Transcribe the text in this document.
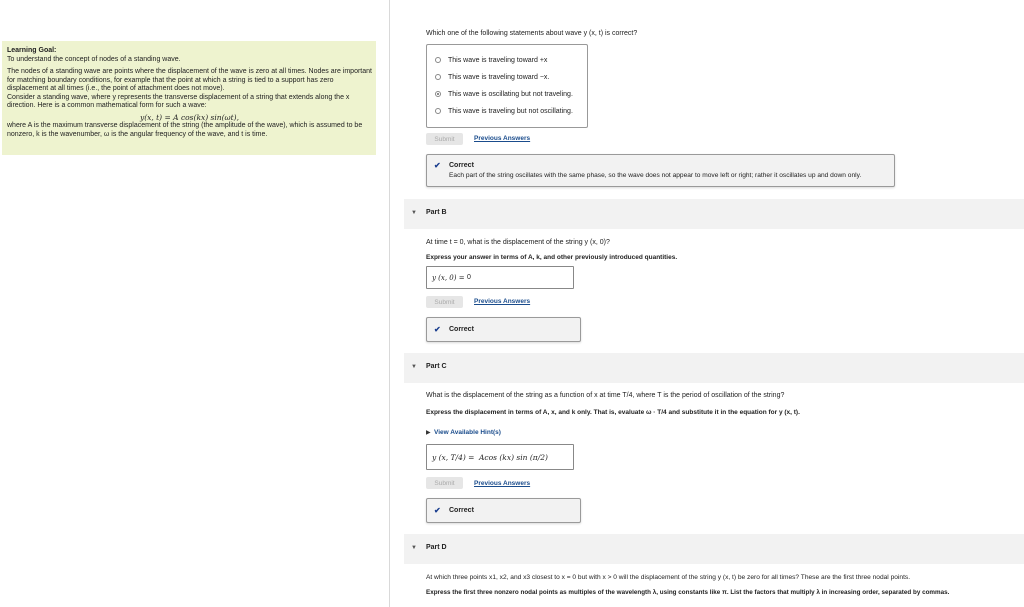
Learning Goal:

To understand the concept of nodes of a standing wave.

The nodes of a standing wave are points where the displacement of the wave is zero at all times. Nodes are important for matching boundary conditions, for example that the point at which a string is tied to a support has zero displacement at all times (i.e., the point of attachment does not move).

Consider a standing wave, where y represents the transverse displacement of a string that extends along the x direction. Here is a common mathematical form for such a wave:

y(x, t) = A cos(kx) sin(ωt),

where A is the maximum transverse displacement of the string (the amplitude of the wave), which is assumed to be nonzero, k is the wavenumber, ω is the angular frequency of the wave, and t is time.

Which one of the following statements about wave y (x, t) is correct?
This wave is traveling toward +x
This wave is traveling toward −x.
This wave is oscillating but not traveling.
This wave is traveling but not oscillating.
Submit	Previous Answers
✔ Correct
Each part of the string oscillates with the same phase, so the wave does not appear to move left or right; rather it oscillates up and down only.
▼ Part B
At time t = 0, what is the displacement of the string y (x, 0)?
Express your answer in terms of A, k, and other previously introduced quantities.
y (x, 0) = 0
Submit	Previous Answers
✔ Correct
▼ Part C
What is the displacement of the string as a function of x at time T/4, where T is the period of oscillation of the string?
Express the displacement in terms of A, x, and k only. That is, evaluate ω · T/4 and substitute it in the equation for y (x, t).
▶ View Available Hint(s)
y (x, T/4) = Acos (kx) sin (π/2)
Submit	Previous Answers
✔ Correct
▼ Part D
At which three points x1, x2, and x3 closest to x = 0 but with x > 0 will the displacement of the string y (x, t) be zero for all times? These are the first three nodal points.
Express the first three nonzero nodal points as multiples of the wavelength λ, using constants like π. List the factors that multiply λ in increasing order, separated by commas.
